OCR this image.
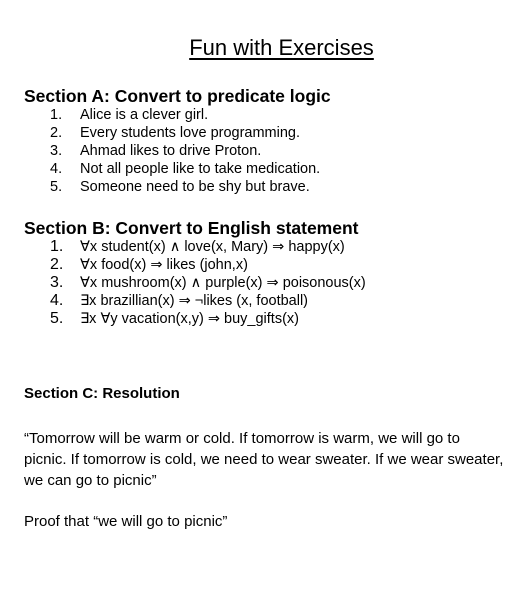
Fun with Exercises
Section A: Convert to predicate logic
1.	Alice is a clever girl.
2.	Every students love programming.
3.	Ahmad likes to drive Proton.
4.	Not all people like to take medication.
5.	Someone need to be shy but brave.
Section B: Convert to English statement
1.	∀x student(x) ∧ love(x, Mary) ⇒ happy(x)
2.	∀x food(x) ⇒ likes (john,x)
3.	∀x mushroom(x) ∧ purple(x) ⇒ poisonous(x)
4.	∃x brazillian(x) ⇒ ¬likes (x, football)
5.	∃x ∀y vacation(x,y) ⇒ buy_gifts(x)
Section C: Resolution

“Tomorrow will be warm or cold. If tomorrow is warm, we will go to picnic. If tomorrow is cold, we need to wear sweater. If we wear sweater, we can go to picnic”

Proof that “we will go to picnic”
